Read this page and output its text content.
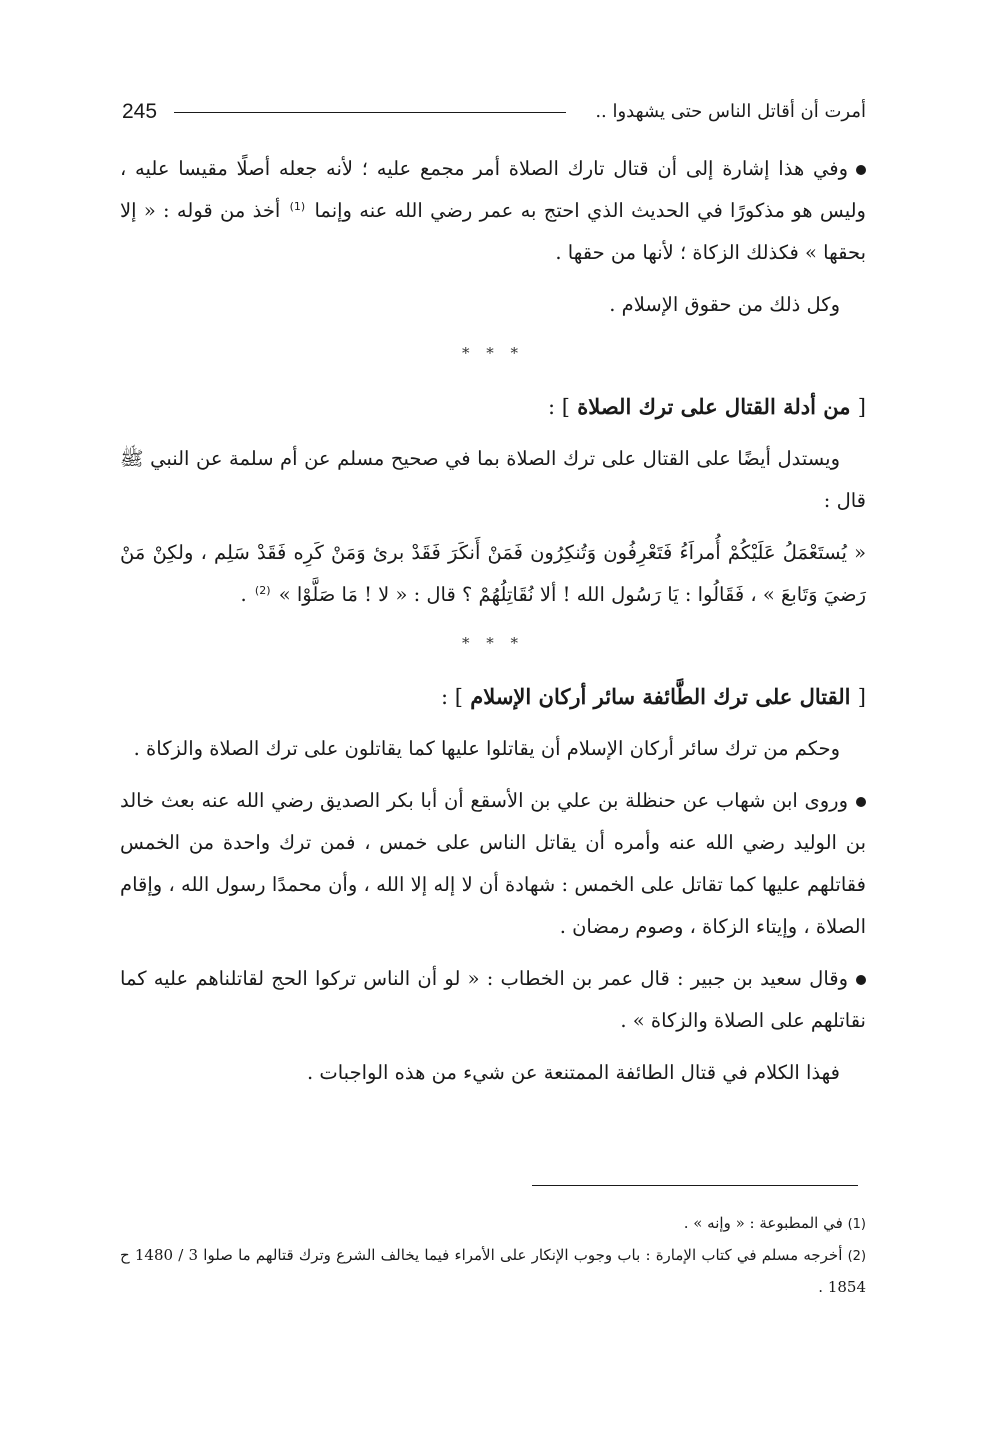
245	أمرت أن أقاتل الناس حتى يشهدوا ..

وفي هذا إشارة إلى أن قتال تارك الصلاة أمر مجمع عليه ؛ لأنه جعله أصلًا مقيسا عليه ، وليس هو مذكورًا في الحديث الذي احتج به عمر رضي الله عنه وإنما $^{(1)}$ أخذ من قوله : « إلا بحقها » فكذلك الزكاة ؛ لأنها من حقها .

وكل ذلك من حقوق الإسلام .

* * *

[ من أدلة القتال على ترك الصلاة ] :

ويستدل أيضًا على القتال على ترك الصلاة بما في صحيح مسلم عن أم سلمة عن النبي ﷺ قال :

« يُستَعْمَلُ عَلَيْكُمْ أُمراَءُ فَتَعْرِفُون وَتُنكِرُون فَمَنْ أَنكَرَ فَقَدْ برئ وَمَنْ كَرِه فَقَدْ سَلِم ، ولكِنْ مَنْ رَضيَ وَتَابعَ » ، فَقَالُوا : يَا رَسُول الله ! ألا نُقَاتِلُهُمْ ؟ قال : « لا ! مَا صَلَّوْا » $^{(2)}$ .

* * *

[ القتال على ترك الطَّائفة سائر أركان الإسلام ] :

وحكم من ترك سائر أركان الإسلام أن يقاتلوا عليها كما يقاتلون على ترك الصلاة والزكاة .

وروى ابن شهاب عن حنظلة بن علي بن الأسقع أن أبا بكر الصديق رضي الله عنه بعث خالد بن الوليد رضي الله عنه وأمره أن يقاتل الناس على خمس ، فمن ترك واحدة من الخمس فقاتلهم عليها كما تقاتل على الخمس : شهادة أن لا إله إلا الله ، وأن محمدًا رسول الله ، وإقام الصلاة ، وإيتاء الزكاة ، وصوم رمضان .

وقال سعيد بن جبير : قال عمر بن الخطاب : « لو أن الناس تركوا الحج لقاتلناهم عليه كما نقاتلهم على الصلاة والزكاة » .

فهذا الكلام في قتال الطائفة الممتنعة عن شيء من هذه الواجبات .

(1) في المطبوعة : « وإنه » .

(2) أخرجه مسلم في كتاب الإمارة : باب وجوب الإنكار على الأمراء فيما يخالف الشرع وترك قتالهم ما صلوا 3 / 1480 ح 1854 .
